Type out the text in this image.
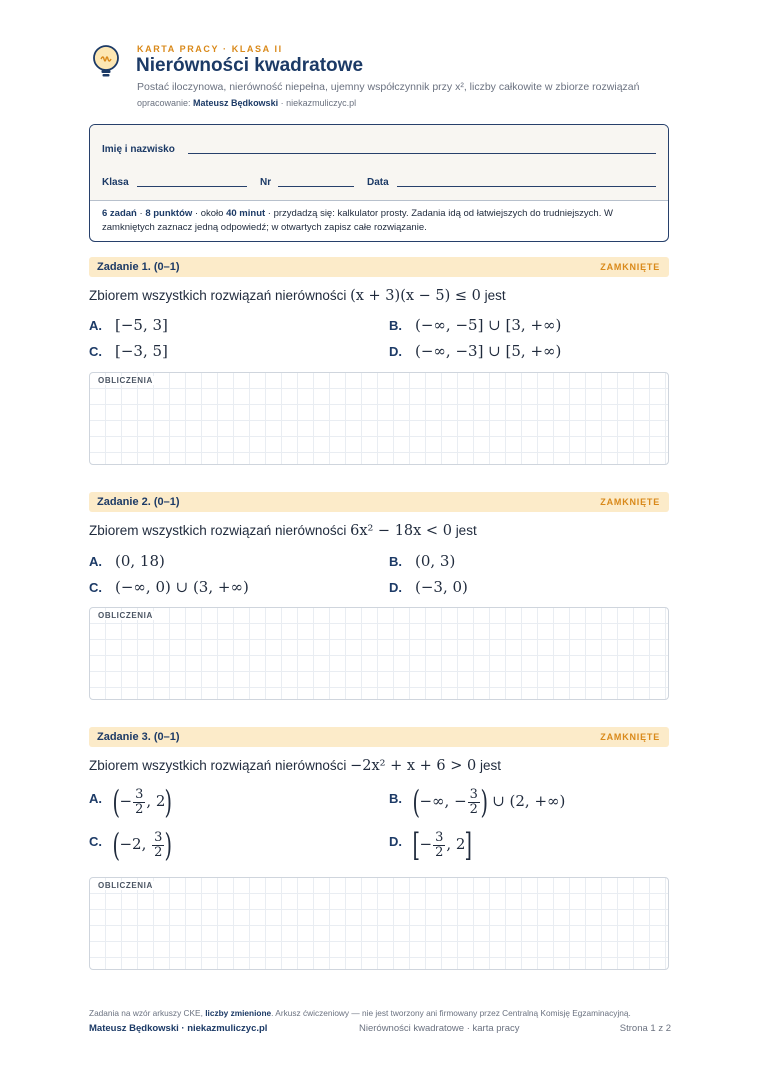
KARTA PRACY · KLASA II
Nierówności kwadratowe
Postać iloczynowa, nierówność niepełna, ujemny współczynnik przy x², liczby całkowite w zbiorze rozwiązań
opracowanie: Mateusz Będkowski · niekazmuliczyc.pl
Imię i nazwisko
Klasa	Nr	Data
6 zadań · 8 punktów · około 40 minut · przydadzą się: kalkulator prosty. Zadania idą od łatwiejszych do trudniejszych. W zamkniętych zaznacz jedną odpowiedź; w otwartych zapisz całe rozwiązanie.
Zadanie 1. (0–1)	ZAMKNIĘTE
Zbiorem wszystkich rozwiązań nierówności (x + 3)(x − 5) ≤ 0 jest
A. [−5, 3]	B. (−∞, −5] ∪ [3, +∞)
C. [−3, 5]	D. (−∞, −3] ∪ [5, +∞)
OBLICZENIA
Zadanie 2. (0–1)	ZAMKNIĘTE
Zbiorem wszystkich rozwiązań nierówności 6x² − 18x < 0 jest
A. (0, 18)	B. (0, 3)
C. (−∞, 0) ∪ (3, +∞)	D. (−3, 0)
OBLICZENIA
Zadanie 3. (0–1)	ZAMKNIĘTE
Zbiorem wszystkich rozwiązań nierówności −2x² + x + 6 > 0 jest
A. (− $\frac{3}{2}$ , 2)	B. (−∞, − $\frac{3}{2}$ ) ∪ (2, +∞)
C. (−2, $\frac{3}{2}$ )	D. [− $\frac{3}{2}$ , 2]
OBLICZENIA
Zadania na wzór arkuszy CKE, liczby zmienione. Arkusz ćwiczeniowy — nie jest tworzony ani firmowany przez Centralną Komisję Egzaminacyjną.
Mateusz Będkowski · niekazmuliczyc.pl	Nierówności kwadratowe · karta pracy	Strona 1 z 2
